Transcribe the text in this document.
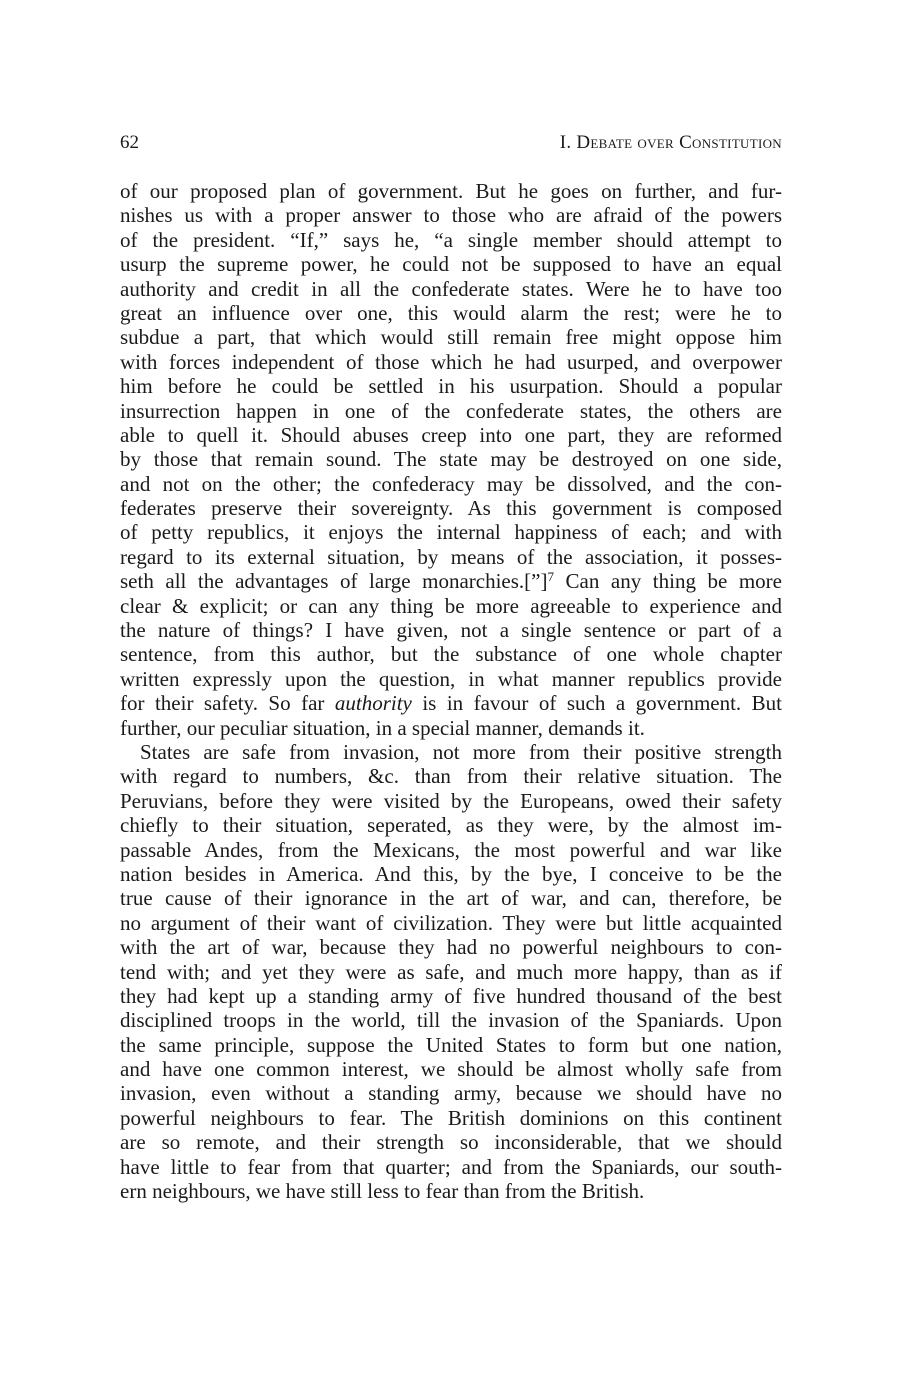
62	I. Debate over Constitution

of our proposed plan of government. But he goes on further, and fur-
nishes us with a proper answer to those who are afraid of the powers
of the president. “If,” says he, “a single member should attempt to
usurp the supreme power, he could not be supposed to have an equal
authority and credit in all the confederate states. Were he to have too
great an influence over one, this would alarm the rest; were he to
subdue a part, that which would still remain free might oppose him
with forces independent of those which he had usurped, and overpower
him before he could be settled in his usurpation. Should a popular
insurrection happen in one of the confederate states, the others are
able to quell it. Should abuses creep into one part, they are reformed
by those that remain sound. The state may be destroyed on one side,
and not on the other; the confederacy may be dissolved, and the con-
federates preserve their sovereignty. As this government is composed
of petty republics, it enjoys the internal happiness of each; and with
regard to its external situation, by means of the association, it posses-
seth all the advantages of large monarchies.[”]$^7$ Can any thing be more
clear & explicit; or can any thing be more agreeable to experience and
the nature of things? I have given, not a single sentence or part of a
sentence, from this author, but the substance of one whole chapter
written expressly upon the question, in what manner republics provide
for their safety. So far authority is in favour of such a government. But
further, our peculiar situation, in a special manner, demands it.

States are safe from invasion, not more from their positive strength
with regard to numbers, &c. than from their relative situation. The
Peruvians, before they were visited by the Europeans, owed their safety
chiefly to their situation, seperated, as they were, by the almost im-
passable Andes, from the Mexicans, the most powerful and war like
nation besides in America. And this, by the bye, I conceive to be the
true cause of their ignorance in the art of war, and can, therefore, be
no argument of their want of civilization. They were but little acquainted
with the art of war, because they had no powerful neighbours to con-
tend with; and yet they were as safe, and much more happy, than as if
they had kept up a standing army of five hundred thousand of the best
disciplined troops in the world, till the invasion of the Spaniards. Upon
the same principle, suppose the United States to form but one nation,
and have one common interest, we should be almost wholly safe from
invasion, even without a standing army, because we should have no
powerful neighbours to fear. The British dominions on this continent
are so remote, and their strength so inconsiderable, that we should
have little to fear from that quarter; and from the Spaniards, our south-
ern neighbours, we have still less to fear than from the British.
